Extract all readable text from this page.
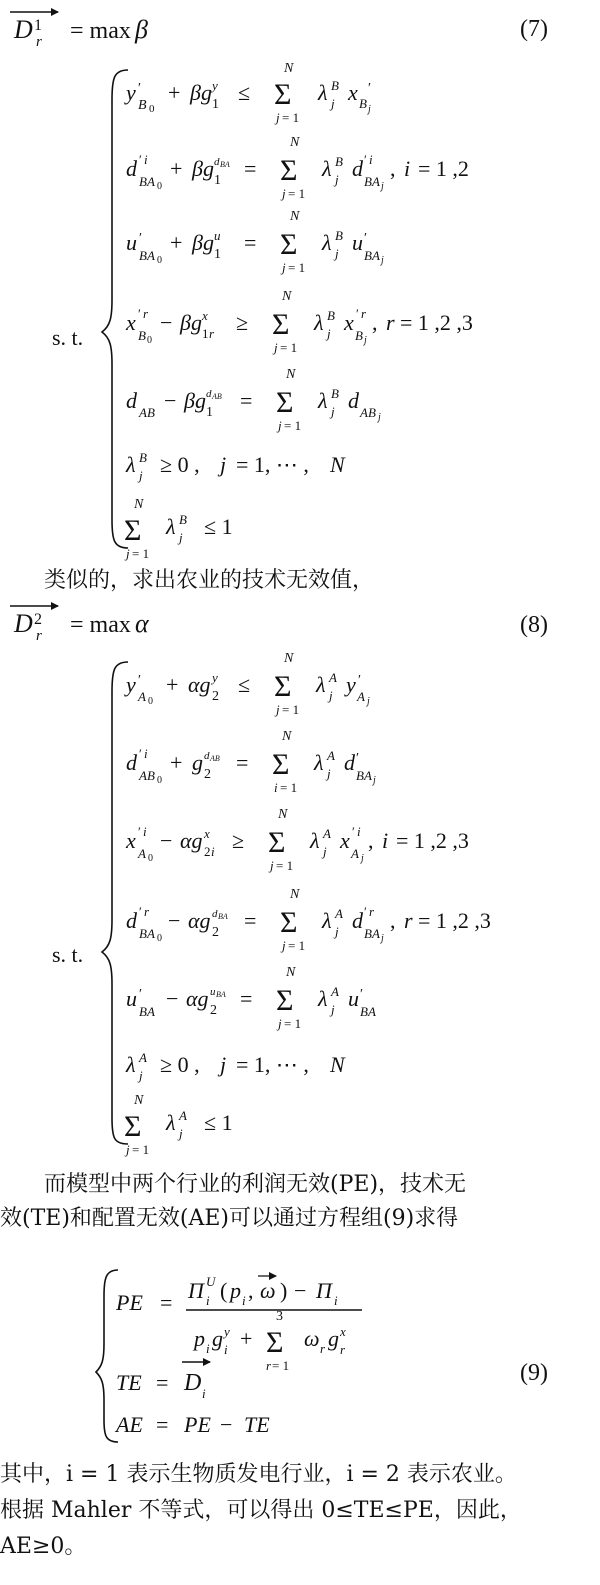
D 1
r = max β	(7)
s. t.
y ′
B 0
+ βg y
1 ≤
N
Σ
j = 1
λ B
j x B j
′
d ′ i
BA 0
+ βg d BA
1 =
N
Σ
j = 1
λ B
j d ′ i
BA j
, i = 1 ,2
u ′
BA 0
+ βg u
1 =
N
Σ
j = 1
λ B
j u ′
BA j
x ′ r
B 0
− βg x
1 r ≥
N
Σ
j = 1
λ B
j x ′ r
B j
, r = 1 ,2 ,3
d AB − βg d AB
1 =
N
Σ
j = 1
λ B
j d AB j
λ B
j ≥ 0 , j = 1, ⋯ , N
N
Σ
j = 1
λ B
j ≤ 1
D 2
r = max α	(8)
s. t.
y ′
A 0
+ αg y
2 ≤
N
Σ
j = 1
λ A
j y ′
A j
d ′ i
AB 0
+ g d AB
2 =
N
Σ
i = 1
λ A
j d ′
BA j
x ′ i
A 0
− αg x
2 i ≥
N
Σ
j = 1
λ A
j x ′ i
A j
, i = 1 ,2 ,3
d ′ r
BA 0
− αg d BA
2 =
N
Σ
j = 1
λ A
j d ′ r
BA j
, r = 1 ,2 ,3
u ′
BA
− αg u BA
2 =
N
Σ
j = 1
λ A
j u ′
BA
λ A
j ≥ 0 , j = 1, ⋯ , N
N
Σ
j = 1
λ A
j ≤ 1
(9)
PE = Π U
i ( p i , ω ) − Π i
p i g y
i +
3
Σ
r = 1
ω r g x
r
TE = D i
AE = PE − TE

类似的，求出农业的技术无效值，

而模型中两个行业的利润无效(PE)，技术无

效(TE)和配置无效(AE)可以通过方程组(9)求得

其中，i = 1 表示生物质发电行业，i = 2 表示农业。

根据 Mahler 不等式，可以得出 0≤TE≤PE，因此，

AE≥0。
